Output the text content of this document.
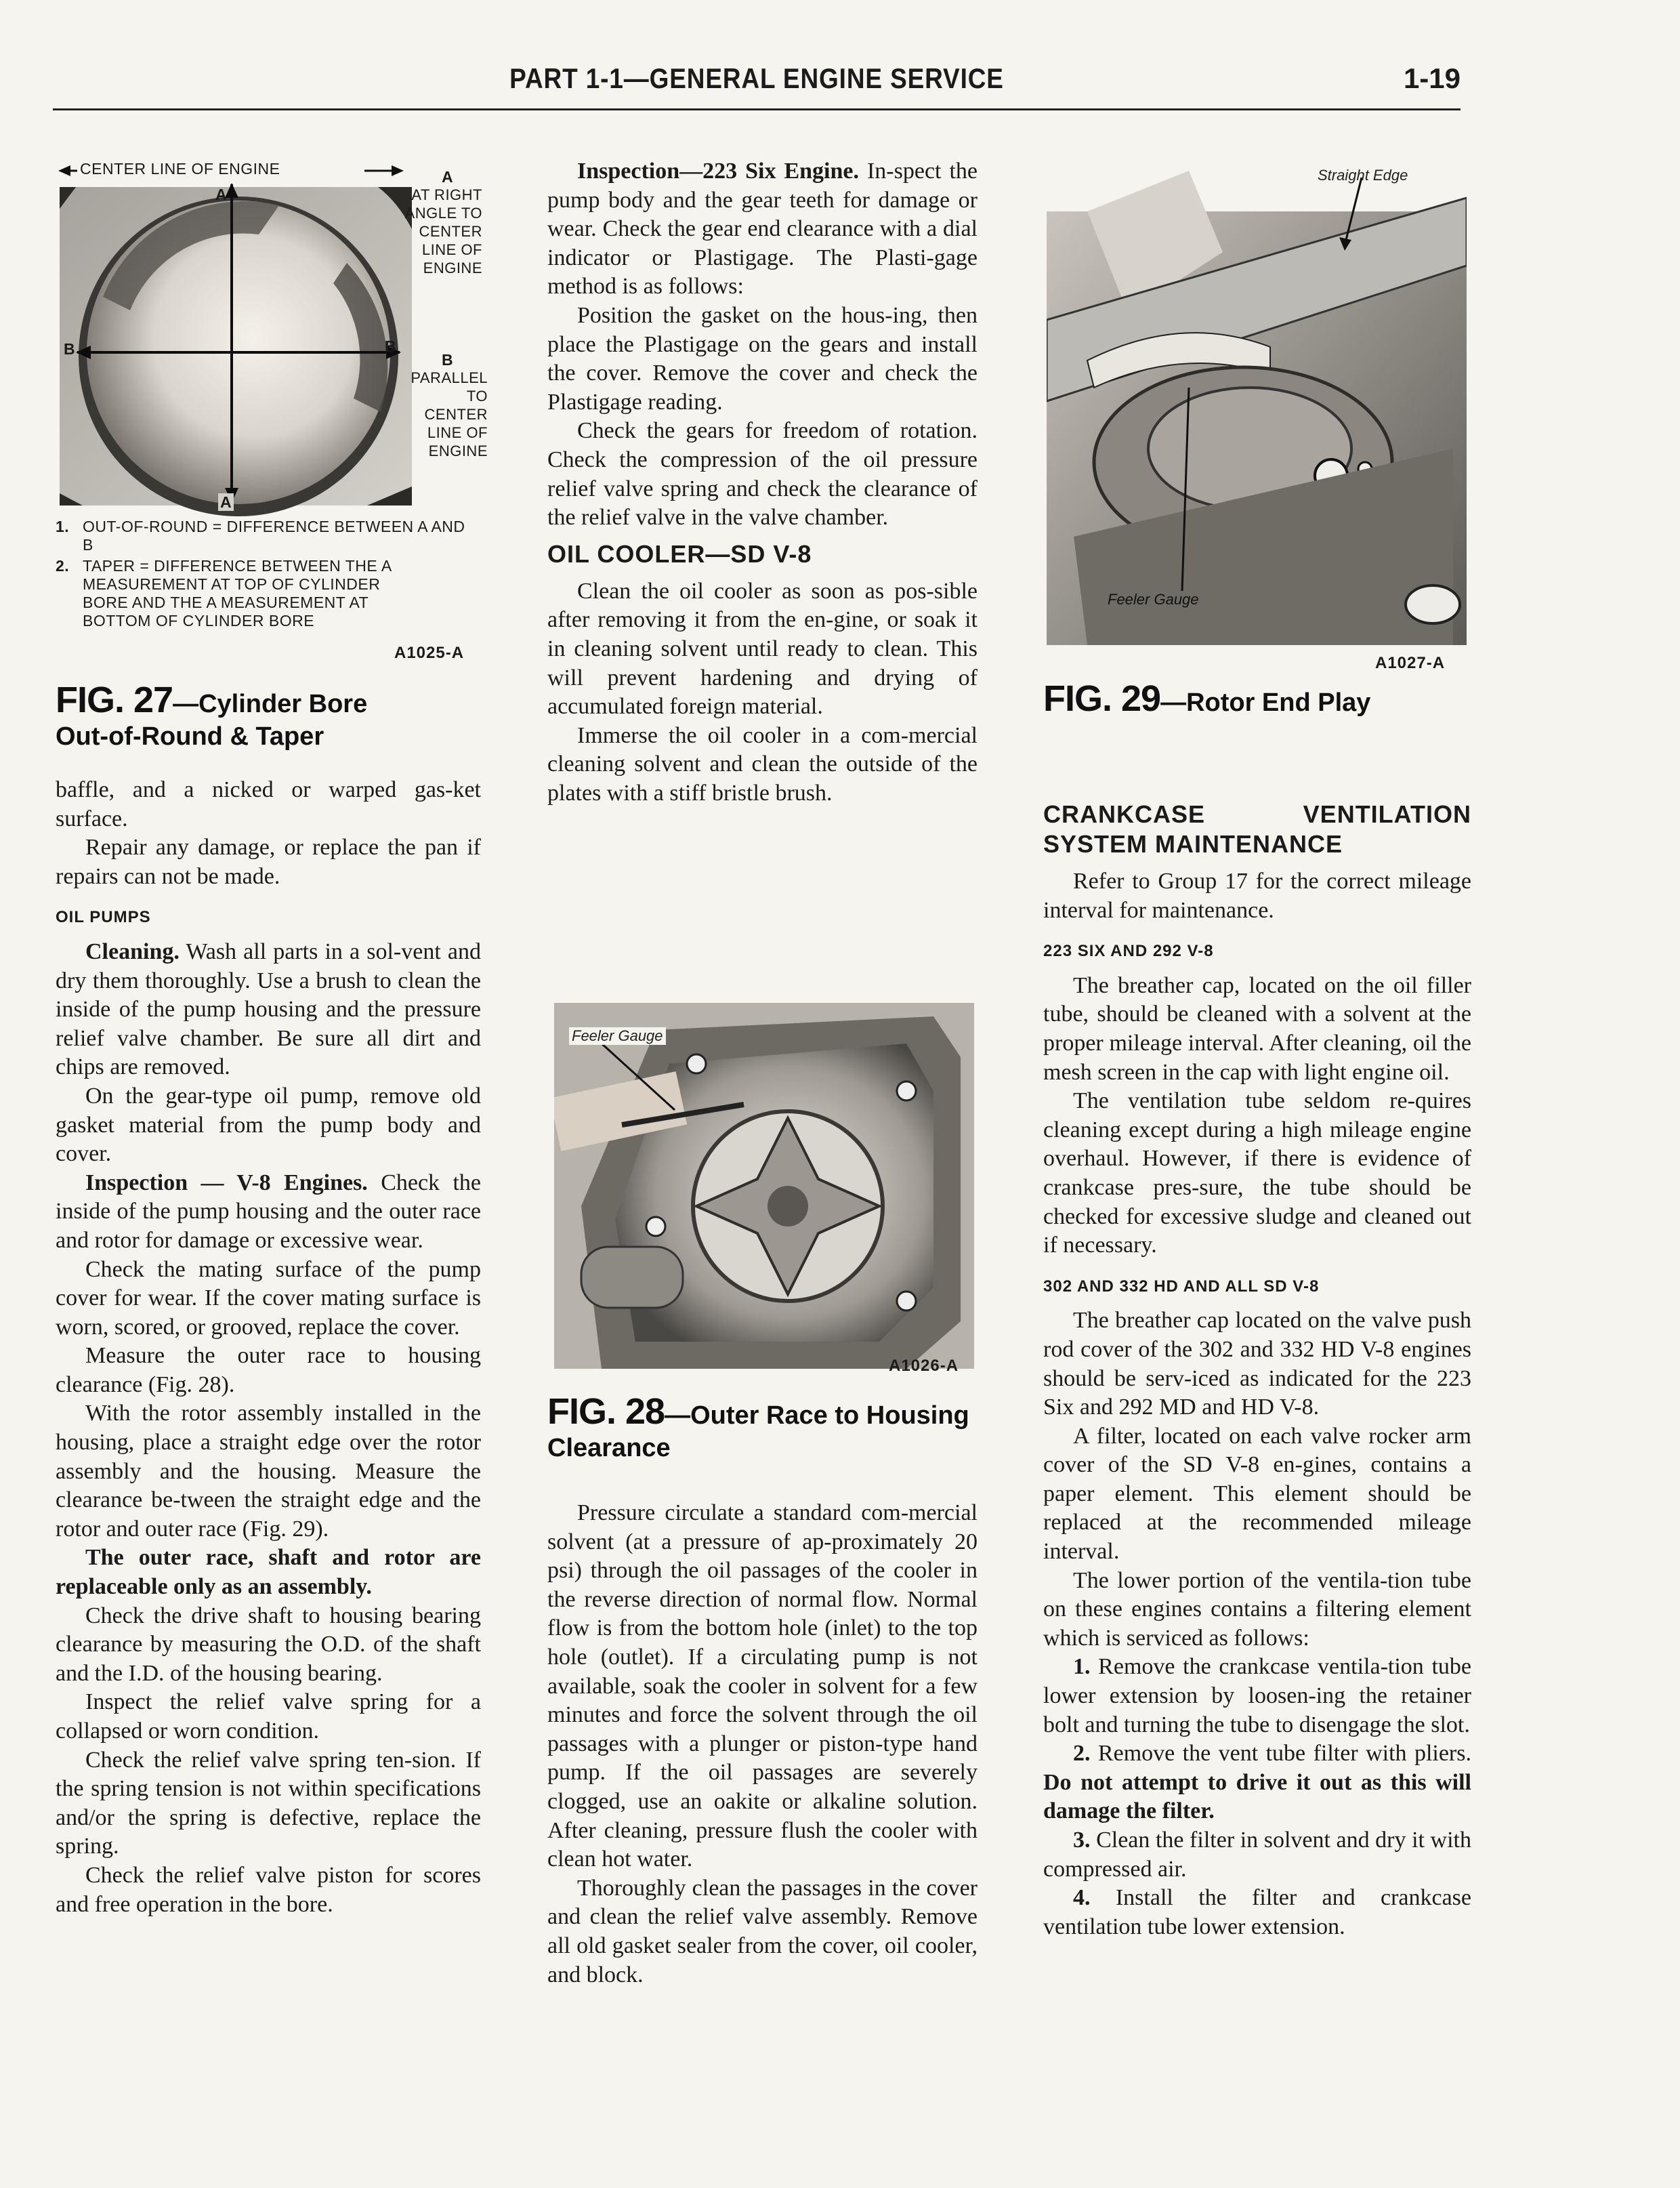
PART 1-1—GENERAL ENGINE SERVICE	1-19
CENTER LINE OF ENGINE
A
A
B	B
A
AT RIGHT ANGLE TO CENTER LINE OF ENGINE
B
PARALLEL TO CENTER LINE OF ENGINE
1. OUT-OF-ROUND = DIFFERENCE BETWEEN A AND B
2. TAPER = DIFFERENCE BETWEEN THE A MEASUREMENT AT TOP OF CYLINDER BORE AND THE A MEASUREMENT AT BOTTOM OF CYLINDER BORE
A1025-A
FIG. 27—Cylinder Bore
Out-of-Round & Taper

baffle, and a nicked or warped gas-ket surface.

Repair any damage, or replace the pan if repairs can not be made.

OIL PUMPS

Cleaning. Wash all parts in a sol-vent and dry them thoroughly. Use a brush to clean the inside of the pump housing and the pressure relief valve chamber. Be sure all dirt and chips are removed.

On the gear-type oil pump, remove old gasket material from the pump body and cover.

Inspection — V-8 Engines. Check the inside of the pump housing and the outer race and rotor for damage or excessive wear.

Check the mating surface of the pump cover for wear. If the cover mating surface is worn, scored, or grooved, replace the cover.

Measure the outer race to housing clearance (Fig. 28).

With the rotor assembly installed in the housing, place a straight edge over the rotor assembly and the housing. Measure the clearance be-tween the straight edge and the rotor and outer race (Fig. 29).

The outer race, shaft and rotor are replaceable only as an assembly.

Check the drive shaft to housing bearing clearance by measuring the O.D. of the shaft and the I.D. of the housing bearing.

Inspect the relief valve spring for a collapsed or worn condition.

Check the relief valve spring ten-sion. If the spring tension is not within specifications and/or the spring is defective, replace the spring.

Check the relief valve piston for scores and free operation in the bore.

Inspection—223 Six Engine. In-spect the pump body and the gear teeth for damage or wear. Check the gear end clearance with a dial indicator or Plastigage. The Plasti-gage method is as follows:

Position the gasket on the hous-ing, then place the Plastigage on the gears and install the cover. Remove the cover and check the Plastigage reading.

Check the gears for freedom of rotation. Check the compression of the oil pressure relief valve spring and check the clearance of the relief valve in the valve chamber.

OIL COOLER—SD V-8

Clean the oil cooler as soon as pos-sible after removing it from the en-gine, or soak it in cleaning solvent until ready to clean. This will prevent hardening and drying of accumulated foreign material.

Immerse the oil cooler in a com-mercial cleaning solvent and clean the outside of the plates with a stiff bristle brush.

Feeler Gauge
A1026-A
FIG. 28—Outer Race to Housing
Clearance

Pressure circulate a standard com-mercial solvent (at a pressure of ap-proximately 20 psi) through the oil passages of the cooler in the reverse direction of normal flow. Normal flow is from the bottom hole (inlet) to the top hole (outlet). If a circulating pump is not available, soak the cooler in solvent for a few minutes and force the solvent through the oil passages with a plunger or piston-type hand pump. If the oil passages are severely clogged, use an oakite or alkaline solution. After cleaning, pressure flush the cooler with clean hot water.

Thoroughly clean the passages in the cover and clean the relief valve assembly. Remove all old gasket sealer from the cover, oil cooler, and block.

Straight Edge
Feeler Gauge
A1027-A
FIG. 29—Rotor End Play
CRANKCASE VENTILATION SYSTEM MAINTENANCE

Refer to Group 17 for the correct mileage interval for maintenance.

223 SIX AND 292 V-8

The breather cap, located on the oil filler tube, should be cleaned with a solvent at the proper mileage interval. After cleaning, oil the mesh screen in the cap with light engine oil.

The ventilation tube seldom re-quires cleaning except during a high mileage engine overhaul. However, if there is evidence of crankcase pres-sure, the tube should be checked for excessive sludge and cleaned out if necessary.

302 AND 332 HD AND ALL SD V-8

The breather cap located on the valve push rod cover of the 302 and 332 HD V-8 engines should be serv-iced as indicated for the 223 Six and 292 MD and HD V-8.

A filter, located on each valve rocker arm cover of the SD V-8 en-gines, contains a paper element. This element should be replaced at the recommended mileage interval.

The lower portion of the ventila-tion tube on these engines contains a filtering element which is serviced as follows:

1. Remove the crankcase ventila-tion tube lower extension by loosen-ing the retainer bolt and turning the tube to disengage the slot.

2. Remove the vent tube filter with pliers. Do not attempt to drive it out as this will damage the filter.

3. Clean the filter in solvent and dry it with compressed air.

4. Install the filter and crankcase ventilation tube lower extension.
